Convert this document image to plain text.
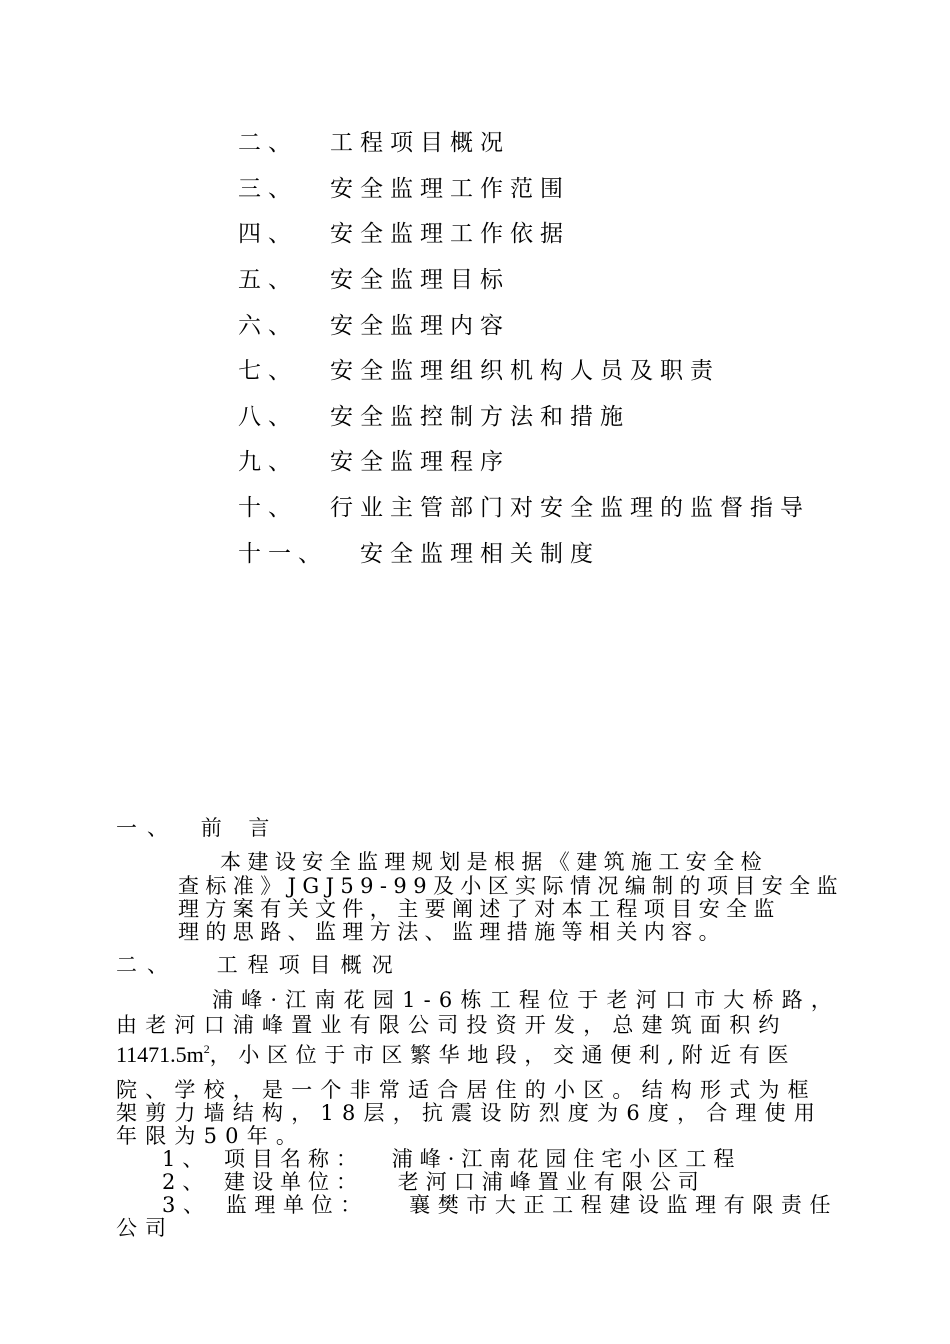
二、 工程项目概况
三、 安全监理工作范围
四、 安全监理工作依据
五、 安全监理目标
六、 安全监理内容
七、 安全监理组织机构人员及职责
八、 安全监控制方法和措施
九、 安全监理程序
十、 行业主管部门对安全监理的监督指导
十一、 安全监理相关制度
一、 前 言
本建设安全监理规划是根据《建筑施工安全检
查标准》JGJ59-99及小区实际情况编制的项目安全监
理方案有关文件，主要阐述了对本工程项目安全监
理的思路、监理方法、监理措施等相关内容。
二、 工程项目概况
浦峰·江南花园1-6栋工程位于老河口市大桥路，
由老河口浦峰置业有限公司投资开发，总建筑面积约
$11471.5m^2$，小区位于市区繁华地段，交通便利,附近有医
院、学校，是一个非常适合居住的小区。结构形式为框
架剪力墙结构，18层，抗震设防烈度为6度，合理使用
年限为50年。
1、 项目名称： 浦峰·江南花园住宅小区工程
2、 建设单位： 老河口浦峰置业有限公司
3、 监理单位： 襄樊市大正工程建设监理有限责任
公司
